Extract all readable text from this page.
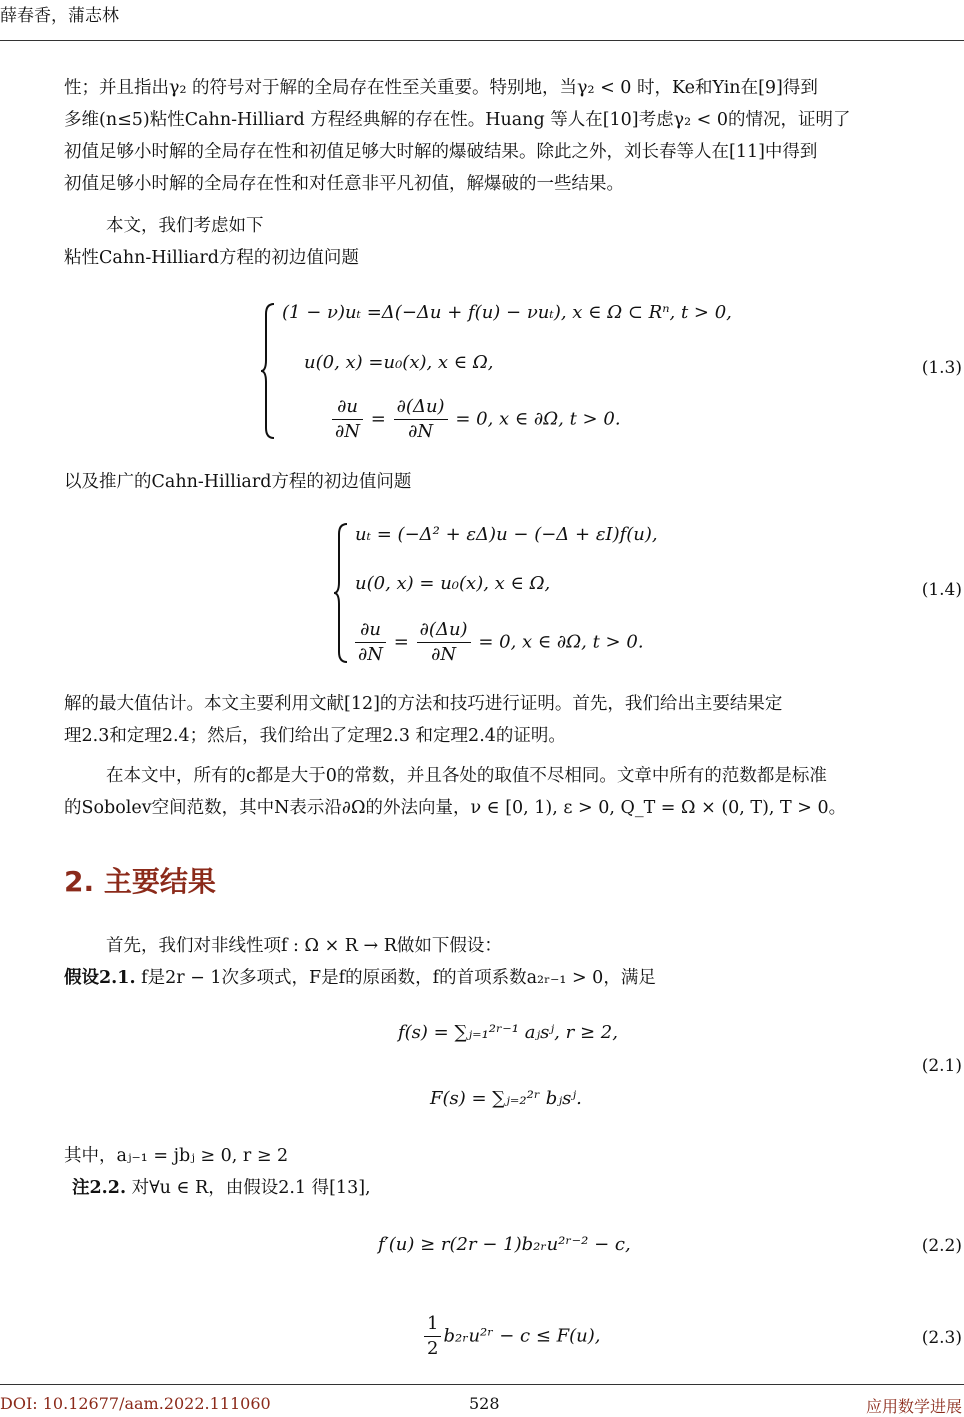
薛春香，蒲志林

性；并且指出γ₂ 的符号对于解的全局存在性至关重要。特别地，当γ₂ < 0 时，Ke和Yin在[9]得到

多维(n≤5)粘性Cahn-Hilliard 方程经典解的存在性。Huang 等人在[10]考虑γ₂ < 0的情况，证明了

初值足够小时解的全局存在性和初值足够大时解的爆破结果。除此之外，刘长春等人在[11]中得到

初值足够小时解的全局存在性和对任意非平凡初值，解爆破的一些结果。

本文，我们考虑如下

粘性Cahn-Hilliard方程的初边值问题

(1 − ν)uₜ =Δ(−Δu + f(u) − νuₜ), x ∈ Ω ⊂ Rⁿ, t > 0,
u(0, x) =u₀(x), x ∈ Ω,
$\frac{\partial u}{\partial N} = \frac{\partial(\Delta u)}{\partial N} = 0$, x ∈ ∂Ω, t > 0.
(1.3)
以及推广的Cahn-Hilliard方程的初边值问题
uₜ = (−Δ² + εΔ)u − (−Δ + εI)f(u),
u(0, x) = u₀(x), x ∈ Ω,
$\frac{\partial u}{\partial N} = \frac{\partial(\Delta u)}{\partial N} = 0$, x ∈ ∂Ω, t > 0.
(1.4)

解的最大值估计。本文主要利用文献[12]的方法和技巧进行证明。首先，我们给出主要结果定

理2.3和定理2.4；然后，我们给出了定理2.3 和定理2.4的证明。

在本文中，所有的c都是大于0的常数，并且各处的取值不尽相同。文章中所有的范数都是标准

的Sobolev空间范数，其中N表示沿∂Ω的外法向量，ν ∈ [0, 1), ε > 0, Q_T = Ω × (0, T), T > 0。

2. 主要结果

首先，我们对非线性项f : Ω × R → R做如下假设：

假设2.1. f是2r − 1次多项式，F是f的原函数，f的首项系数a₂ᵣ₋₁ > 0，满足

f(s) = ∑ⱼ₌₁²ʳ⁻¹ aⱼsʲ, r ≥ 2,
F(s) = ∑ⱼ₌₂²ʳ bⱼsʲ.
(2.1)
其中，aⱼ₋₁ = jbⱼ ≥ 0, r ≥ 2
注2.2. 对∀u ∈ R，由假设2.1 得[13],
f′(u) ≥ r(2r − 1)b₂ᵣu²ʳ⁻² − c,	(2.2)
$\frac{1}{2}$ b₂ᵣu²ʳ − c ≤ F(u),	(2.3)
DOI: 10.12677/aam.2022.111060	528	应用数学进展
